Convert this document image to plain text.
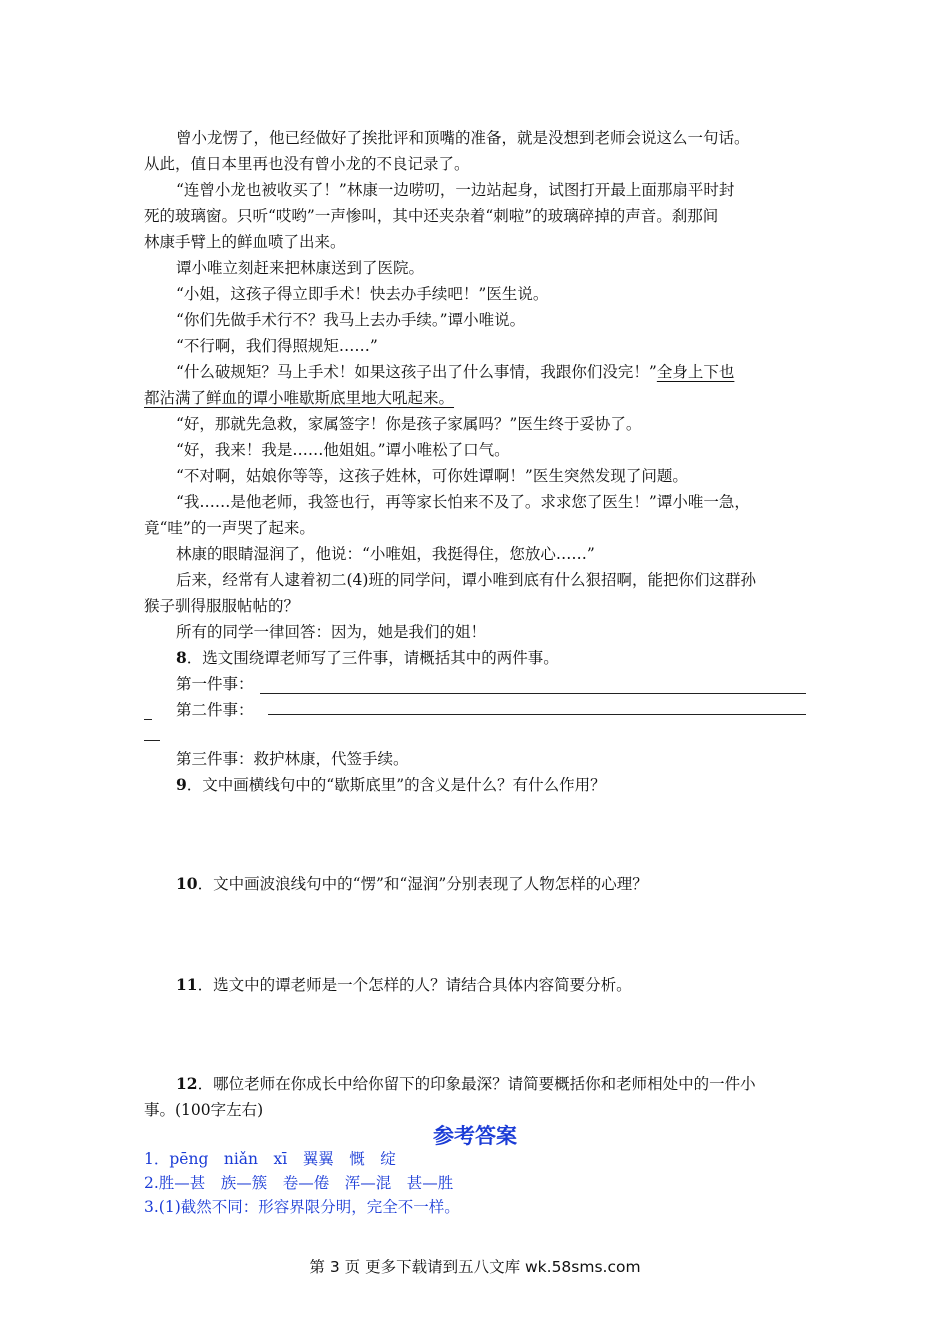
曾小龙愣了，他已经做好了挨批评和顶嘴的准备，就是没想到老师会说这么一句话。
从此，值日本里再也没有曾小龙的不良记录了。
“连曾小龙也被收买了！”林康一边唠叨，一边站起身，试图打开最上面那扇平时封
死的玻璃窗。只听“哎哟”一声惨叫，其中还夹杂着“刺啦”的玻璃碎掉的声音。刹那间
林康手臂上的鲜血喷了出来。
谭小唯立刻赶来把林康送到了医院。
“小姐，这孩子得立即手术！快去办手续吧！”医生说。
“你们先做手术行不？我马上去办手续。”谭小唯说。
“不行啊，我们得照规矩……”
“什么破规矩？马上手术！如果这孩子出了什么事情，我跟你们没完！”全身上下也
都沾满了鲜血的谭小唯歇斯底里地大吼起来。
“好，那就先急救，家属签字！你是孩子家属吗？”医生终于妥协了。
“好，我来！我是……他姐姐。”谭小唯松了口气。
“不对啊，姑娘你等等，这孩子姓林，可你姓谭啊！”医生突然发现了问题。
“我……是他老师，我签也行，再等家长怕来不及了。求求您了医生！”谭小唯一急，
竟“哇”的一声哭了起来。
林康的眼睛湿润了，他说：“小唯姐，我挺得住，您放心……”
后来，经常有人逮着初二(4)班的同学问，谭小唯到底有什么狠招啊，能把你们这群孙
猴子驯得服服帖帖的？
所有的同学一律回答：因为，她是我们的姐！
8．选文围绕谭老师写了三件事，请概括其中的两件事。
第一件事：
第二件事：
第三件事：救护林康，代签手续。
9．文中画横线句中的“歇斯底里”的含义是什么？有什么作用？
10．文中画波浪线句中的“愣”和“湿润”分别表现了人物怎样的心理？
11．选文中的谭老师是一个怎样的人？请结合具体内容简要分析。
12．哪位老师在你成长中给你留下的印象最深？请简要概括你和老师相处中的一件小
事。(100字左右)
参考答案
1．pēng　niǎn　xī　翼翼　慨　绽
2.胜—甚　族—簇　卷—倦　浑—混　甚—胜
3.(1)截然不同：形容界限分明，完全不一样。
第 3 页 更多下载请到五八文库 wk.58sms.com
